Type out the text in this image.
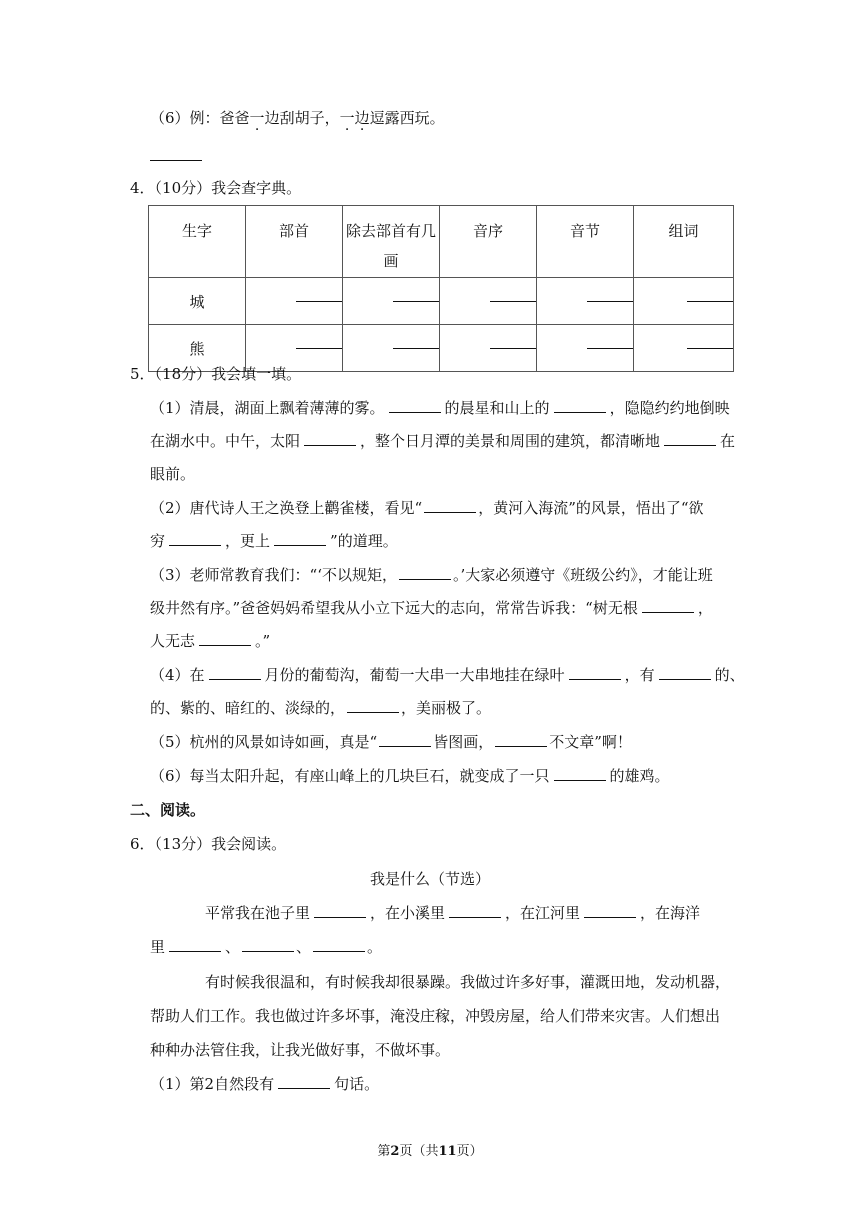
（6）例：爸爸一边刮胡子，一边逗露西玩。
4．（10分）我会查字典。
生字	部首	除去部首有几画	音序	音节	组词
城					
熊					
5．（18分）我会填一填。
（1）清晨，湖面上飘着薄薄的雾。	的晨星和山上的	，隐隐约约地倒映
在湖水中。中午，太阳	，整个日月潭的美景和周围的建筑，都清晰地	在
眼前。
（2）唐代诗人王之涣登上鹳雀楼，看见“	，黄河入海流”的风景，悟出了“欲
穷	，更上	”的道理。
（3）老师常教育我们：“‘不以规矩，	。’大家必须遵守《班级公约》，才能让班
级井然有序。”爸爸妈妈希望我从小立下远大的志向，常常告诉我：“树无根	，
人无志	。”
（4）在	月份的葡萄沟，葡萄一大串一大串地挂在绿叶	，有	的、
的、紫的、暗红的、淡绿的，	，美丽极了。
（5）杭州的风景如诗如画，真是“	皆图画，	不文章”啊！
（6）每当太阳升起，有座山峰上的几块巨石，就变成了一只	的雄鸡。
二、阅读。
6．（13分）我会阅读。
我是什么（节选）
平常我在池子里	，在小溪里	，在江河里	，在海洋
里	、	、	。
有时候我很温和，有时候我却很暴躁。我做过许多好事，灌溉田地，发动机器，
帮助人们工作。我也做过许多坏事，淹没庄稼，冲毁房屋，给人们带来灾害。人们想出
种种办法管住我，让我光做好事，不做坏事。
（1）第2自然段有	句话。
第2页（共11页）
